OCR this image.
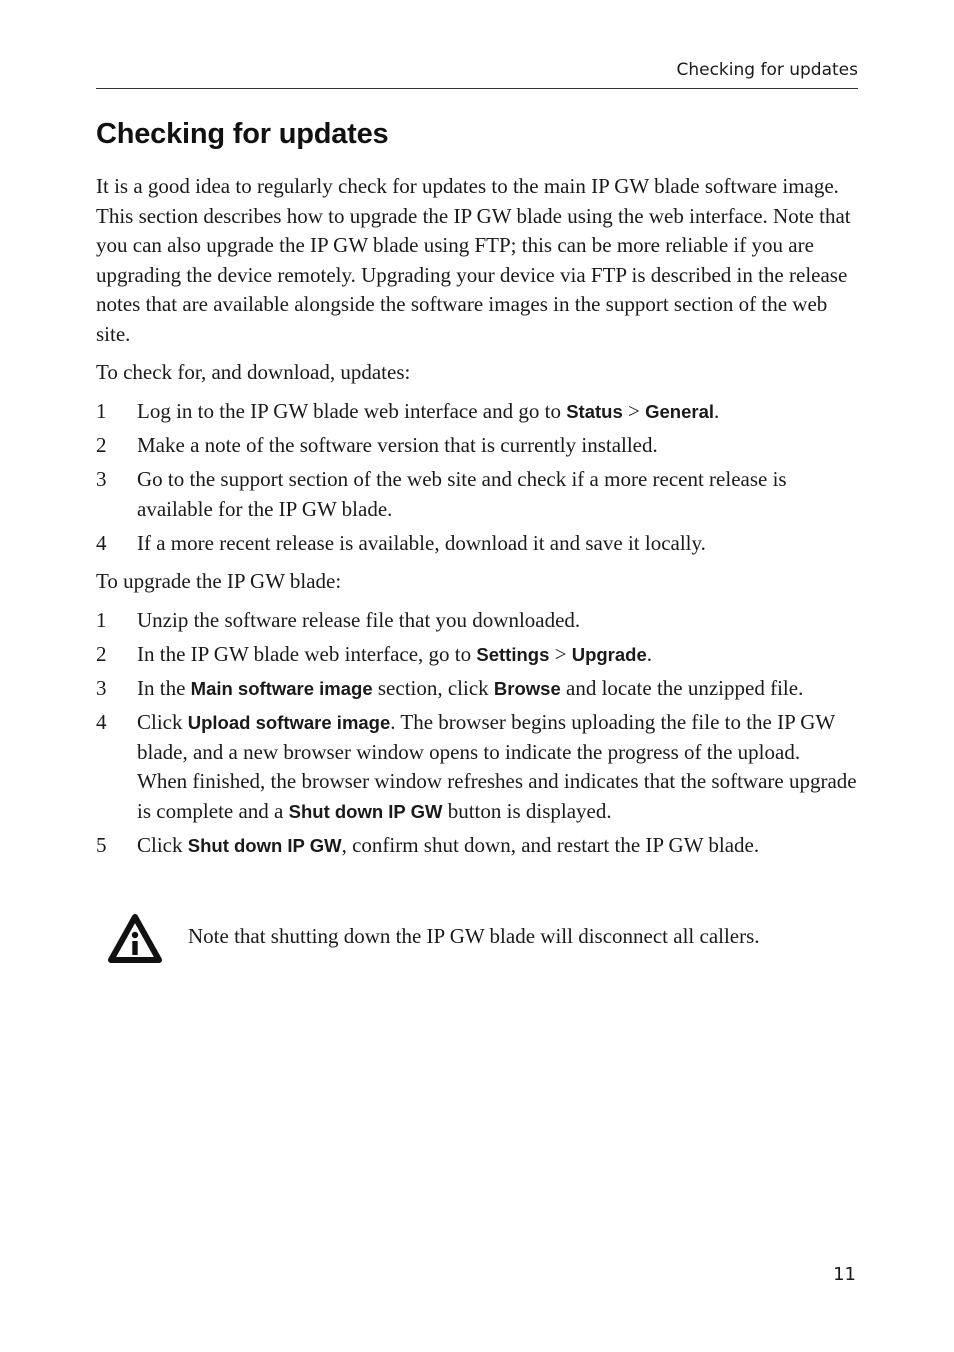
Checking for updates
Checking for updates

It is a good idea to regularly check for updates to the main IP GW blade software image. This section describes how to upgrade the IP GW blade using the web interface. Note that you can also upgrade the IP GW blade using FTP; this can be more reliable if you are upgrading the device remotely. Upgrading your device via FTP is described in the release notes that are available alongside the software images in the support section of the web site.

To check for, and download, updates:

1 Log in to the IP GW blade web interface and go to Status > General.
2 Make a note of the software version that is currently installed.
3 Go to the support section of the web site and check if a more recent release is available for the IP GW blade.
4 If a more recent release is available, download it and save it locally.

To upgrade the IP GW blade:

1 Unzip the software release file that you downloaded.
2 In the IP GW blade web interface, go to Settings > Upgrade.
3 In the Main software image section, click Browse and locate the unzipped file.
4 Click Upload software image. The browser begins uploading the file to the IP GW blade, and a new browser window opens to indicate the progress of the upload.
When finished, the browser window refreshes and indicates that the software upgrade is complete and a Shut down IP GW button is displayed.
5 Click Shut down IP GW, confirm shut down, and restart the IP GW blade.

Note that shutting down the IP GW blade will disconnect all callers.

11
